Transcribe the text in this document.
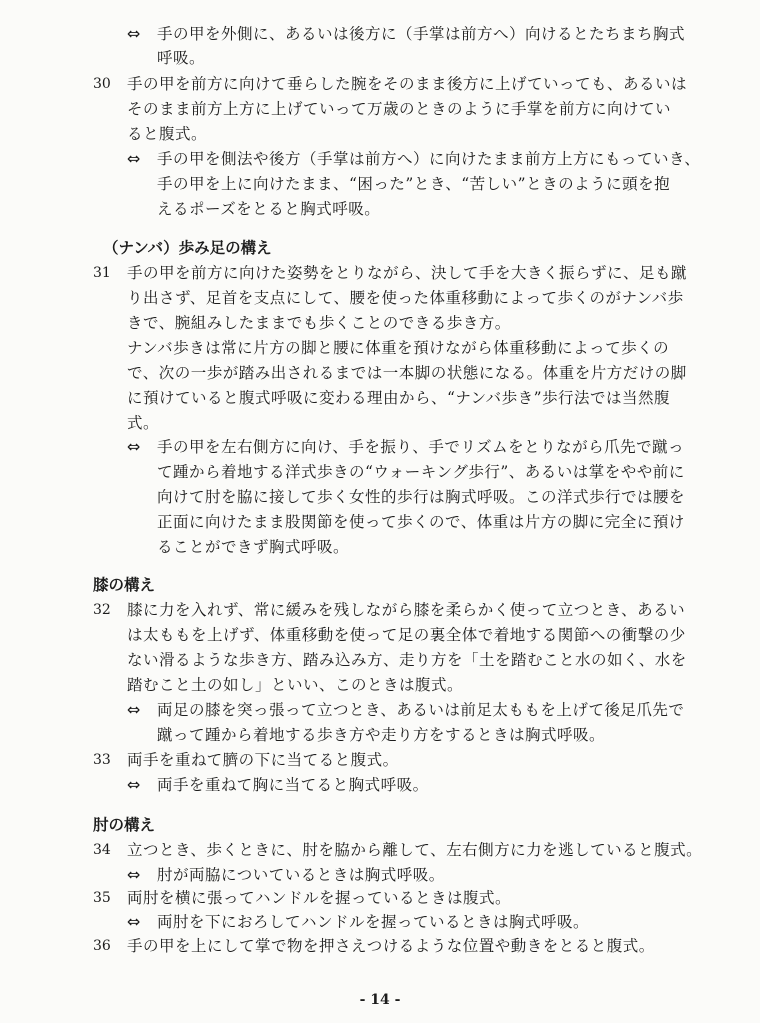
⇔ 手の甲を外側に、あるいは後方に（手掌は前方へ）向けるとたちまち胸式
呼吸。
30 手の甲を前方に向けて垂らした腕をそのまま後方に上げていっても、あるいは
そのまま前方上方に上げていって万歳のときのように手掌を前方に向けてい
ると腹式。
⇔ 手の甲を側法や後方（手掌は前方へ）に向けたまま前方上方にもっていき、
手の甲を上に向けたまま、“困った”とき、“苦しい”ときのように頭を抱
えるポーズをとると胸式呼吸。
（ナンバ）歩み足の構え
31 手の甲を前方に向けた姿勢をとりながら、決して手を大きく振らずに、足も蹴
り出さず、足首を支点にして、腰を使った体重移動によって歩くのがナンバ歩
きで、腕組みしたままでも歩くことのできる歩き方。
ナンバ歩きは常に片方の脚と腰に体重を預けながら体重移動によって歩くの
で、次の一歩が踏み出されるまでは一本脚の状態になる。体重を片方だけの脚
に預けていると腹式呼吸に変わる理由から、“ナンバ歩き”歩行法では当然腹
式。
⇔ 手の甲を左右側方に向け、手を振り、手でリズムをとりながら爪先で蹴っ
て踵から着地する洋式歩きの“ウォーキング歩行”、あるいは掌をやや前に
向けて肘を脇に接して歩く女性的歩行は胸式呼吸。この洋式歩行では腰を
正面に向けたまま股関節を使って歩くので、体重は片方の脚に完全に預け
ることができず胸式呼吸。
膝の構え
32 膝に力を入れず、常に緩みを残しながら膝を柔らかく使って立つとき、あるい
は太ももを上げず、体重移動を使って足の裏全体で着地する関節への衝撃の少
ない滑るような歩き方、踏み込み方、走り方を「土を踏むこと水の如く、水を
踏むこと土の如し」といい、このときは腹式。
⇔ 両足の膝を突っ張って立つとき、あるいは前足太ももを上げて後足爪先で
蹴って踵から着地する歩き方や走り方をするときは胸式呼吸。
33 両手を重ねて臍の下に当てると腹式。
⇔ 両手を重ねて胸に当てると胸式呼吸。
肘の構え
34 立つとき、歩くときに、肘を脇から離して、左右側方に力を逃していると腹式。
⇔ 肘が両脇についているときは胸式呼吸。
35 両肘を横に張ってハンドルを握っているときは腹式。
⇔ 両肘を下におろしてハンドルを握っているときは胸式呼吸。
36 手の甲を上にして掌で物を押さえつけるような位置や動きをとると腹式。
- 14 -
